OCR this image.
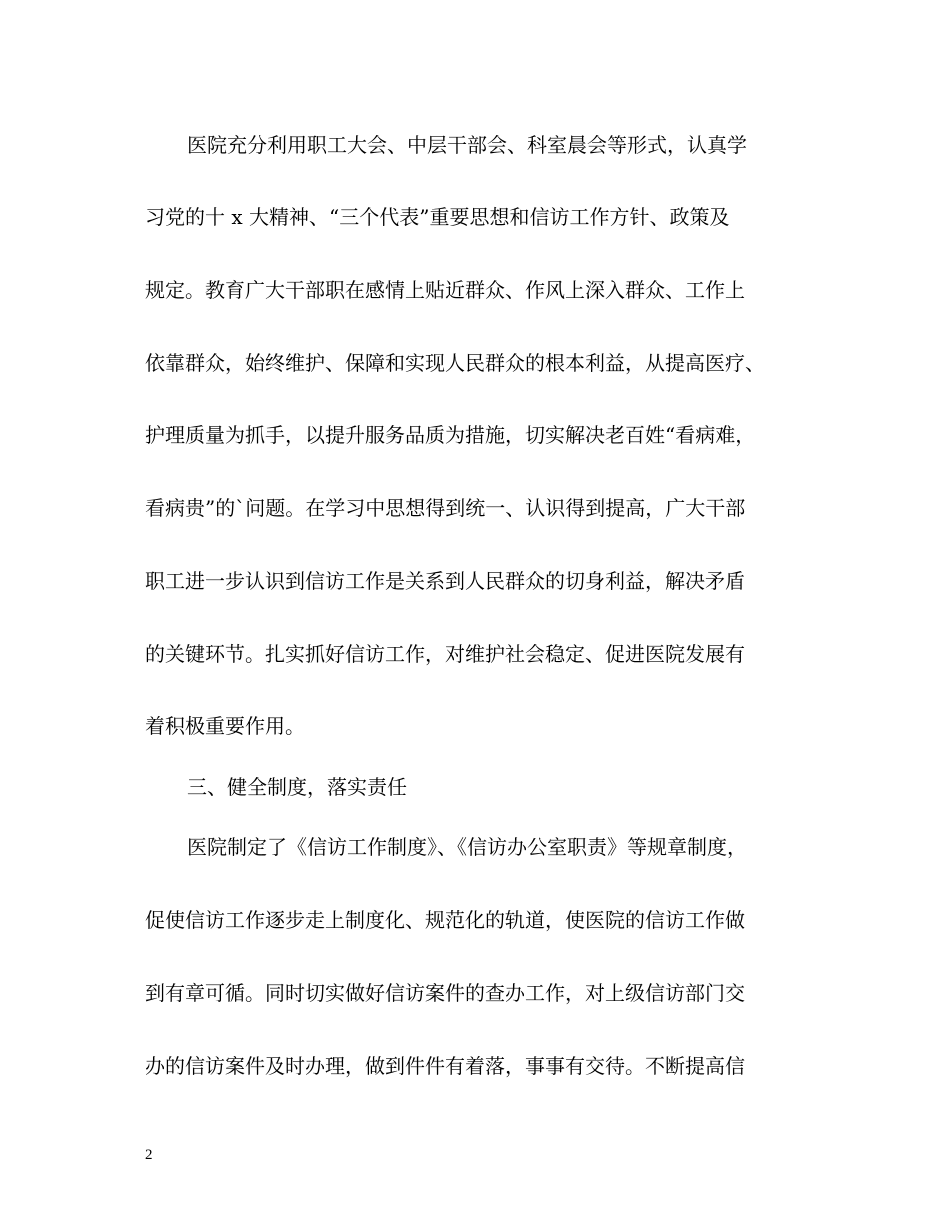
医院充分利用职工大会、中层干部会、科室晨会等形式，认真学
习党的十 x 大精神、“三个代表”重要思想和信访工作方针、政策及
规定。教育广大干部职在感情上贴近群众、作风上深入群众、工作上
依靠群众，始终维护、保障和实现人民群众的根本利益，从提高医疗、
护理质量为抓手，以提升服务品质为措施，切实解决老百姓“看病难，
看病贵”的`问题。在学习中思想得到统一、认识得到提高，广大干部
职工进一步认识到信访工作是关系到人民群众的切身利益，解决矛盾
的关键环节。扎实抓好信访工作，对维护社会稳定、促进医院发展有
着积极重要作用。
三、健全制度，落实责任
医院制定了《信访工作制度》、《信访办公室职责》等规章制度，
促使信访工作逐步走上制度化、规范化的轨道，使医院的信访工作做
到有章可循。同时切实做好信访案件的查办工作，对上级信访部门交
办的信访案件及时办理，做到件件有着落，事事有交待。不断提高信
2
